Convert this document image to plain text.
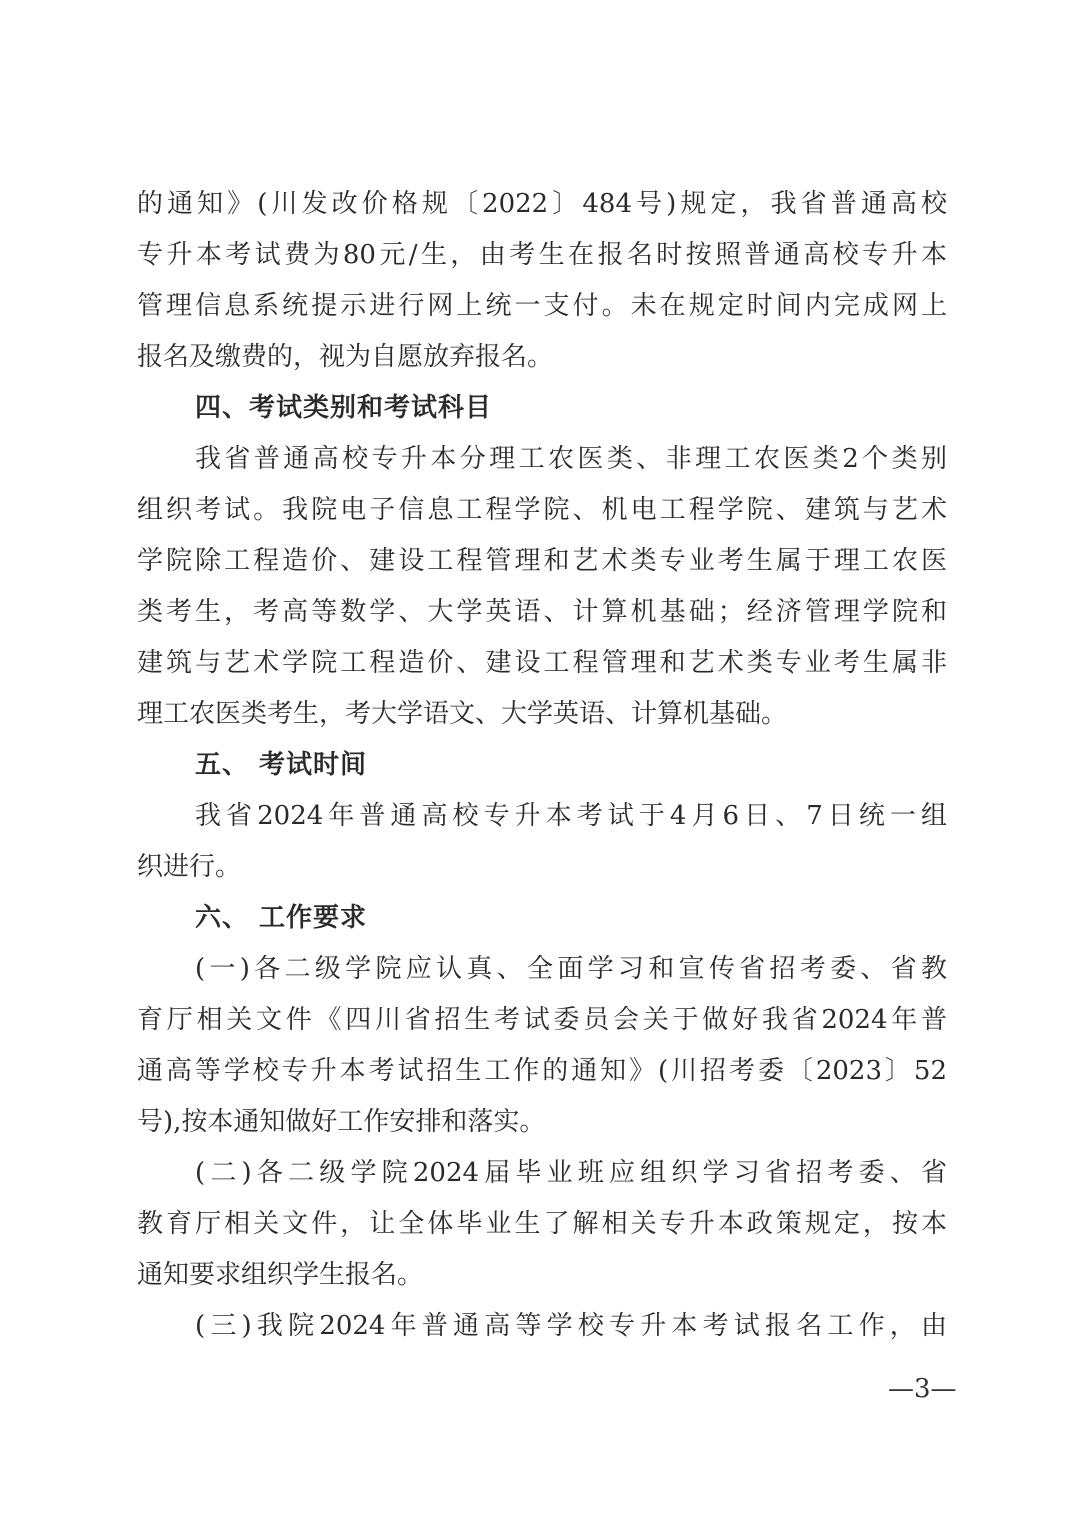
的通知》(川发改价格规〔2022〕484号)规定，我省普通高校
专升本考试费为80元/生，由考生在报名时按照普通高校专升本
管理信息系统提示进行网上统一支付。未在规定时间内完成网上
报名及缴费的，视为自愿放弃报名。
四、考试类别和考试科目
我省普通高校专升本分理工农医类、非理工农医类2个类别
组织考试。我院电子信息工程学院、机电工程学院、建筑与艺术
学院除工程造价、建设工程管理和艺术类专业考生属于理工农医
类考生，考高等数学、大学英语、计算机基础；经济管理学院和
建筑与艺术学院工程造价、建设工程管理和艺术类专业考生属非
理工农医类考生，考大学语文、大学英语、计算机基础。
五、 考试时间
我省2024年普通高校专升本考试于4月6日、7日统一组
织进行。
六、 工作要求
(一)各二级学院应认真、全面学习和宣传省招考委、省教
育厅相关文件《四川省招生考试委员会关于做好我省2024年普
通高等学校专升本考试招生工作的通知》(川招考委〔2023〕52
号),按本通知做好工作安排和落实。
(二)各二级学院2024届毕业班应组织学习省招考委、省
教育厅相关文件，让全体毕业生了解相关专升本政策规定，按本
通知要求组织学生报名。
(三)我院2024年普通高等学校专升本考试报名工作，由
—3—
